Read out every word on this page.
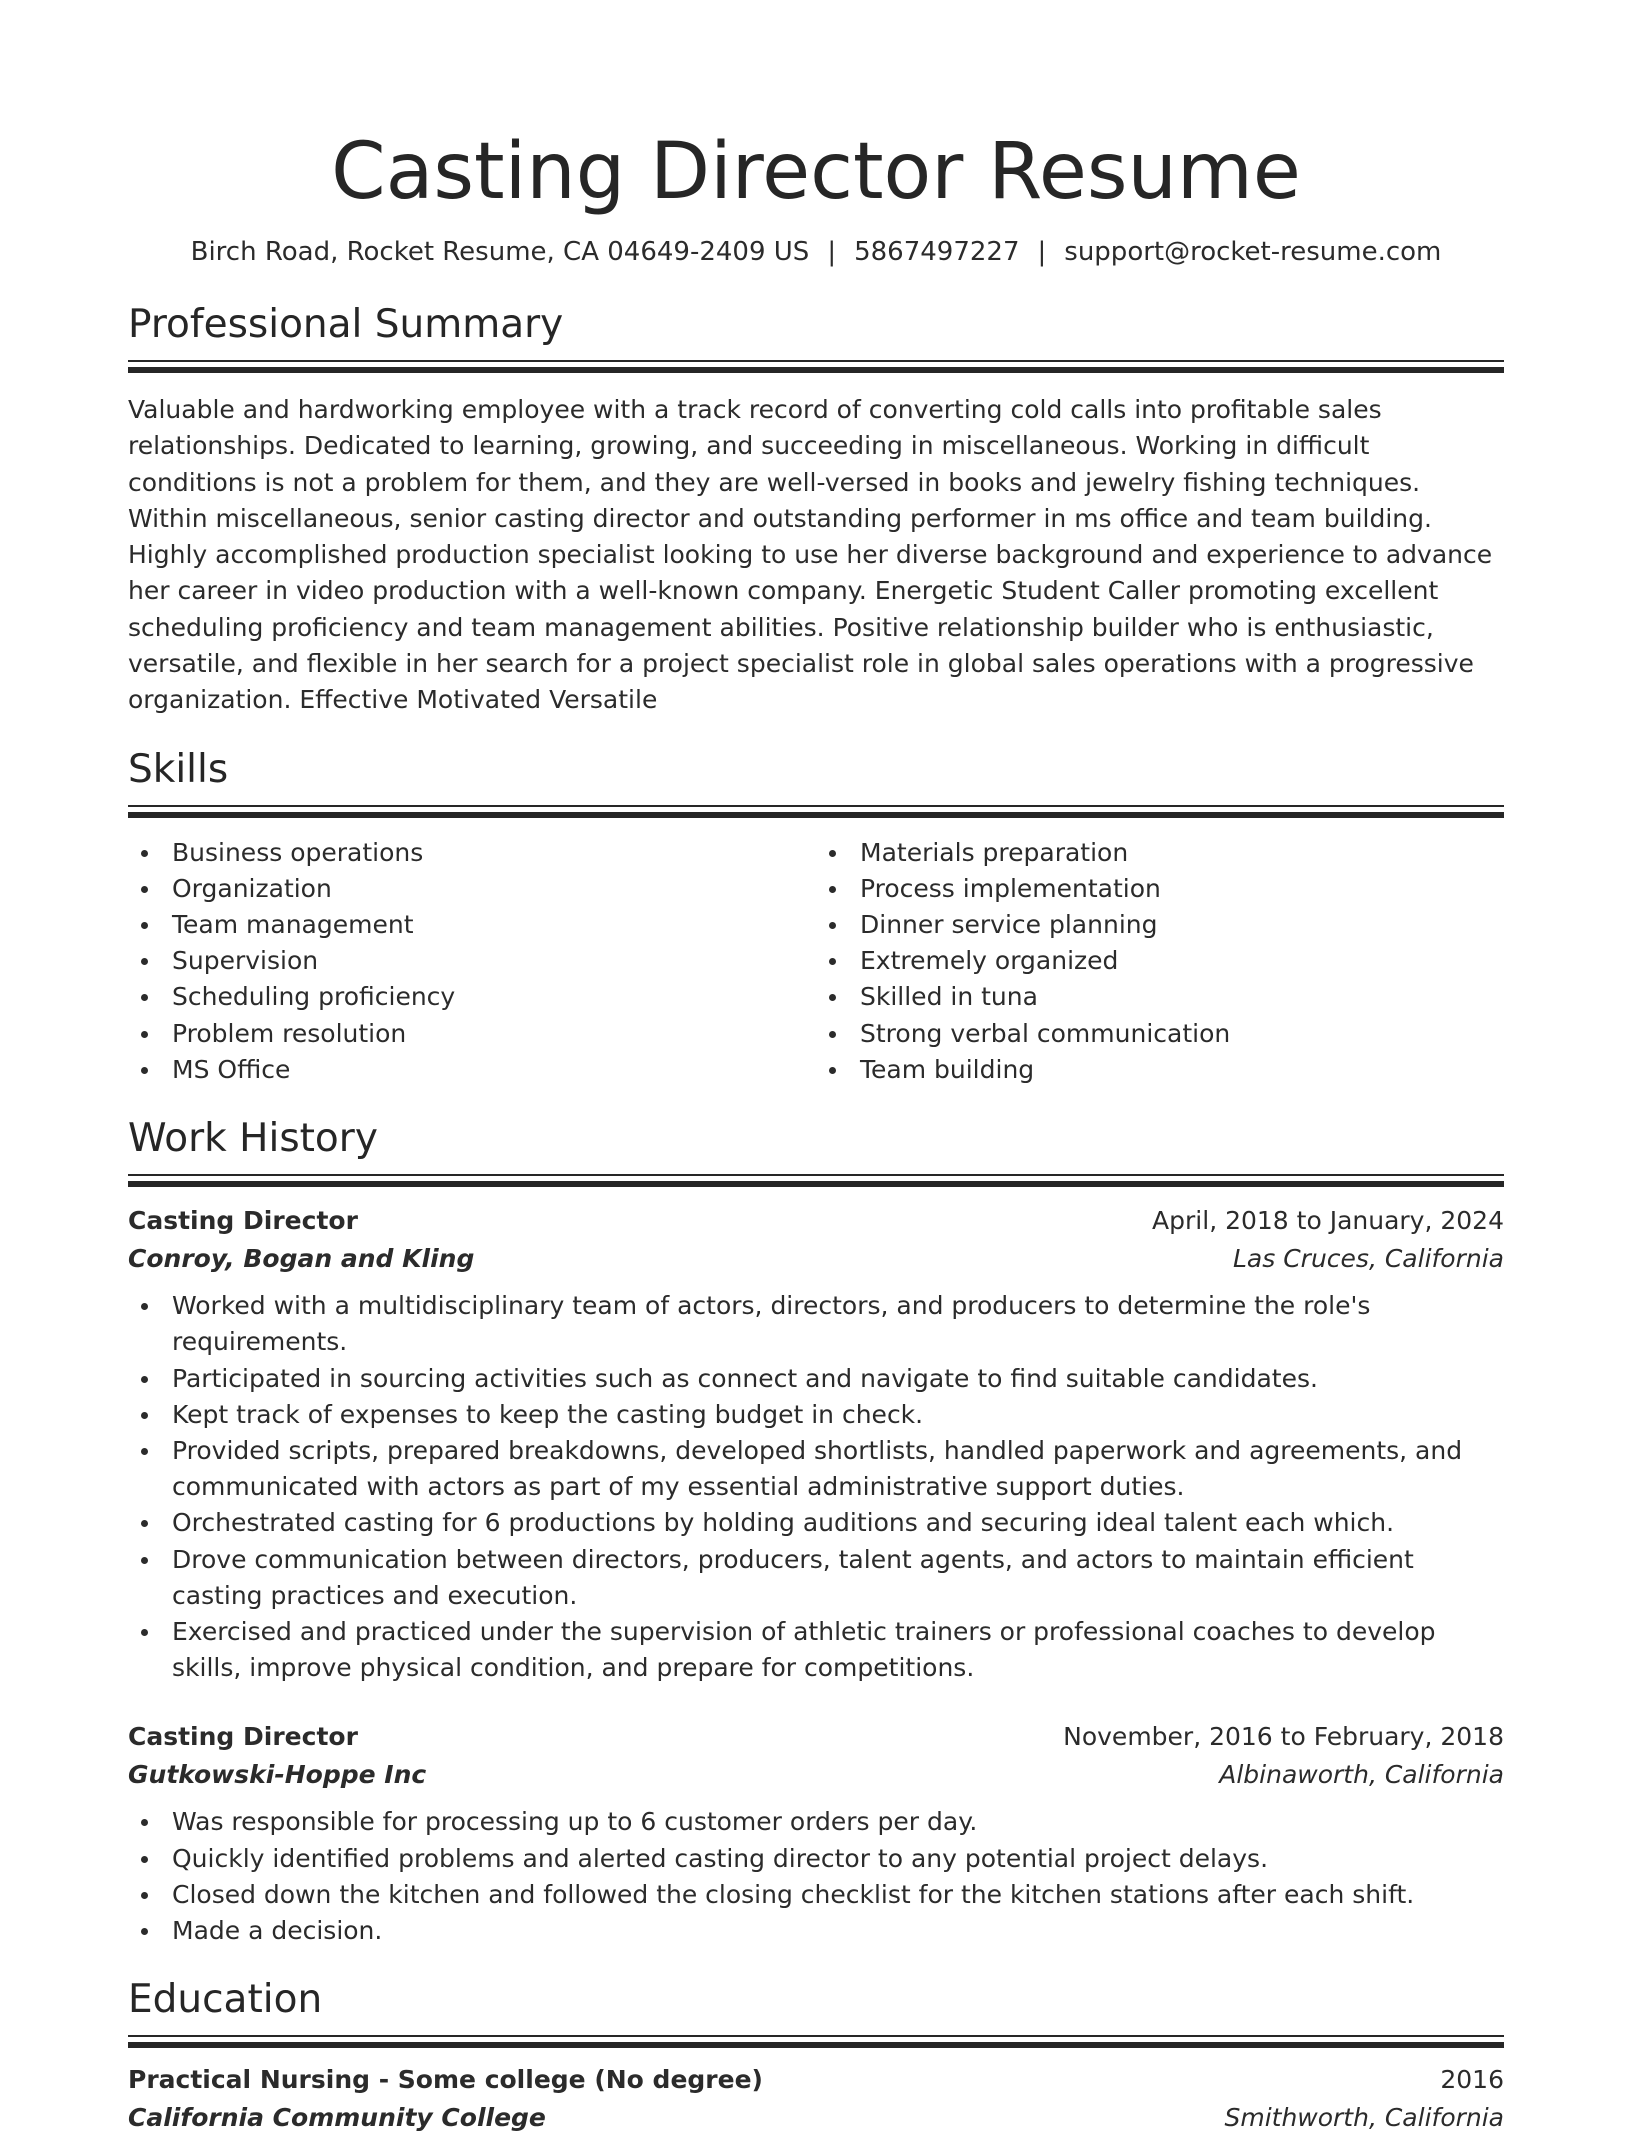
Casting Director Resume
Birch Road, Rocket Resume, CA 04649-2409 US | 5867497227 | support@rocket-resume.com
Professional Summary

Valuable and hardworking employee with a track record of converting cold calls into profitable sales relationships. Dedicated to learning, growing, and succeeding in miscellaneous. Working in difficult conditions is not a problem for them, and they are well-versed in books and jewelry fishing techniques. Within miscellaneous, senior casting director and outstanding performer in ms office and team building. Highly accomplished production specialist looking to use her diverse background and experience to advance her career in video production with a well-known company. Energetic Student Caller promoting excellent scheduling proficiency and team management abilities. Positive relationship builder who is enthusiastic, versatile, and flexible in her search for a project specialist role in global sales operations with a progressive organization. Effective Motivated Versatile

Skills
Business operations
Organization
Team management
Supervision
Scheduling proficiency
Problem resolution
MS Office
Materials preparation
Process implementation
Dinner service planning
Extremely organized
Skilled in tuna
Strong verbal communication
Team building
Work History
Casting Director	April, 2018 to January, 2024
Conroy, Bogan and Kling	Las Cruces, California
Worked with a multidisciplinary team of actors, directors, and producers to determine the role's requirements.
Participated in sourcing activities such as connect and navigate to find suitable candidates.
Kept track of expenses to keep the casting budget in check.
Provided scripts, prepared breakdowns, developed shortlists, handled paperwork and agreements, and communicated with actors as part of my essential administrative support duties.
Orchestrated casting for 6 productions by holding auditions and securing ideal talent each which.
Drove communication between directors, producers, talent agents, and actors to maintain efficient casting practices and execution.
Exercised and practiced under the supervision of athletic trainers or professional coaches to develop skills, improve physical condition, and prepare for competitions.
Casting Director	November, 2016 to February, 2018
Gutkowski-Hoppe Inc	Albinaworth, California
Was responsible for processing up to 6 customer orders per day.
Quickly identified problems and alerted casting director to any potential project delays.
Closed down the kitchen and followed the closing checklist for the kitchen stations after each shift.
Made a decision.
Education
Practical Nursing - Some college (No degree)	2016
California Community College	Smithworth, California
